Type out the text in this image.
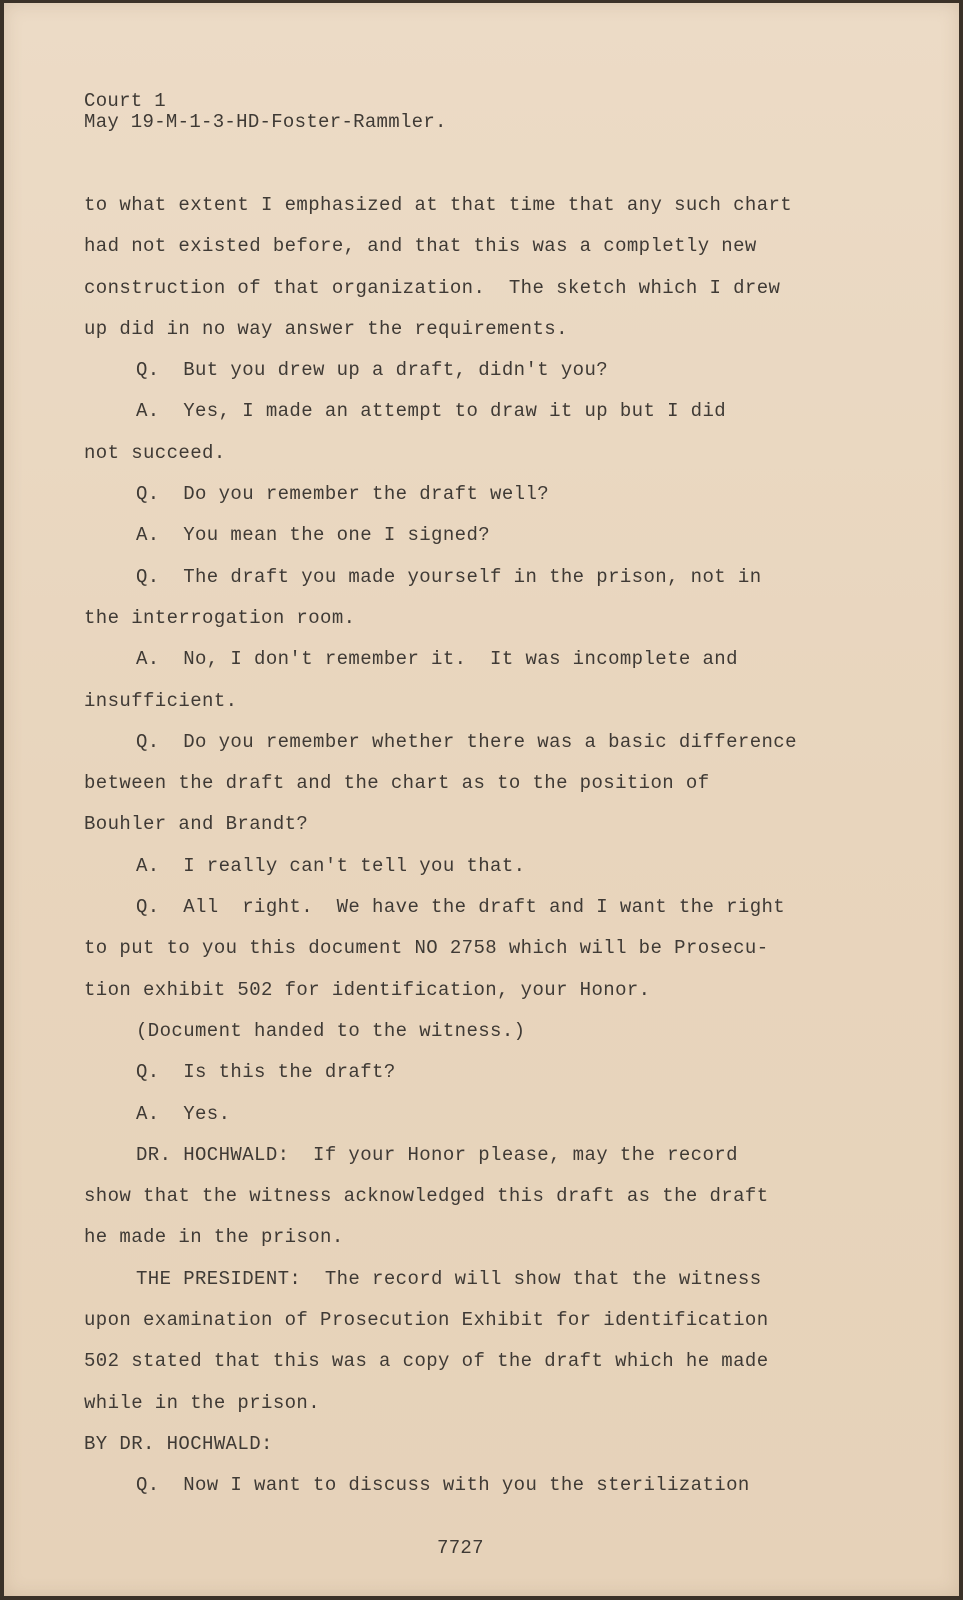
Court 1
May 19-M-1-3-HD-Foster-Rammler.
to what extent I emphasized at that time that any such chart
had not existed before, and that this was a completly new
construction of that organization.  The sketch which I drew
up did in no way answer the requirements.
Q.  But you drew up a draft, didn't you?
A.  Yes, I made an attempt to draw it up but I did
not succeed.
Q.  Do you remember the draft well?
A.  You mean the one I signed?
Q.  The draft you made yourself in the prison, not in
the interrogation room.
A.  No, I don't remember it.  It was incomplete and
insufficient.
Q.  Do you remember whether there was a basic difference
between the draft and the chart as to the position of
Bouhler and Brandt?
A.  I really can't tell you that.
Q.  All  right.  We have the draft and I want the right
to put to you this document NO 2758 which will be Prosecu-
tion exhibit 502 for identification, your Honor.
(Document handed to the witness.)
Q.  Is this the draft?
A.  Yes.
DR. HOCHWALD:  If your Honor please, may the record
show that the witness acknowledged this draft as the draft
he made in the prison.
THE PRESIDENT:  The record will show that the witness
upon examination of Prosecution Exhibit for identification
502 stated that this was a copy of the draft which he made
while in the prison.
BY DR. HOCHWALD:
Q.  Now I want to discuss with you the sterilization
7727
